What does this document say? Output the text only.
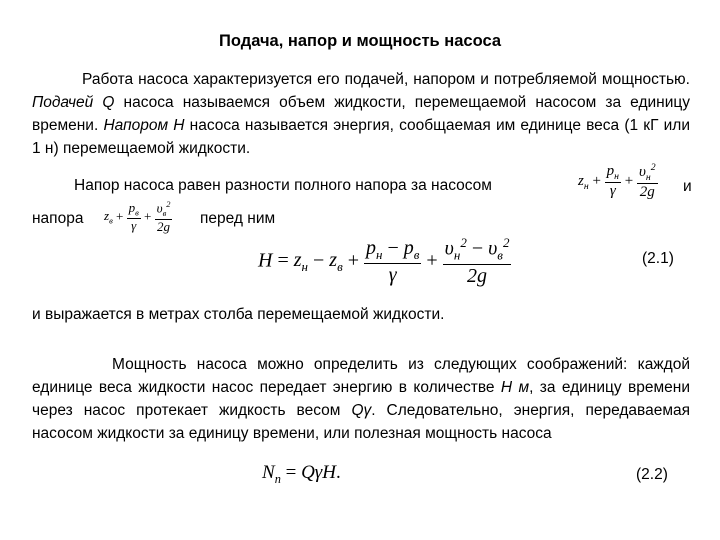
Подача, напор и мощность насоса
Работа насоса характеризуется его подачей, напором и потребляемой мощностью. Подачей Q насоса называемся объем жидкости, перемещаемой насосом за единицу времени. Напором H насоса называется энергия, сообщаемая им единице веса (1 кГ или 1 н) перемещаемой жидкости.
Напор насоса равен разности полного напора за насосом	$z_н + \frac{p_н}{\gamma} + \frac{\upsilon_н^2}{2g}$ и
напора $z_в + \frac{p_в}{\gamma} + \frac{\upsilon_в^2}{2g}$ перед ним
$H = z_н - z_в + \frac{p_н - p_в}{\gamma} + \frac{\upsilon_н^2 - \upsilon_в^2}{2g}$	(2.1)
и выражается в метрах столба перемещаемой жидкости.
Мощность насоса можно определить из следующих соображений: каждой единице веса жидкости насос передает энергию в количестве H м, за единицу времени через насос протекает жидкость весом Qγ. Следовательно, энергия, передаваемая насосом жидкости за единицу времени, или полезная мощность насоса
$N_п = Q\gamma H$.	(2.2)
